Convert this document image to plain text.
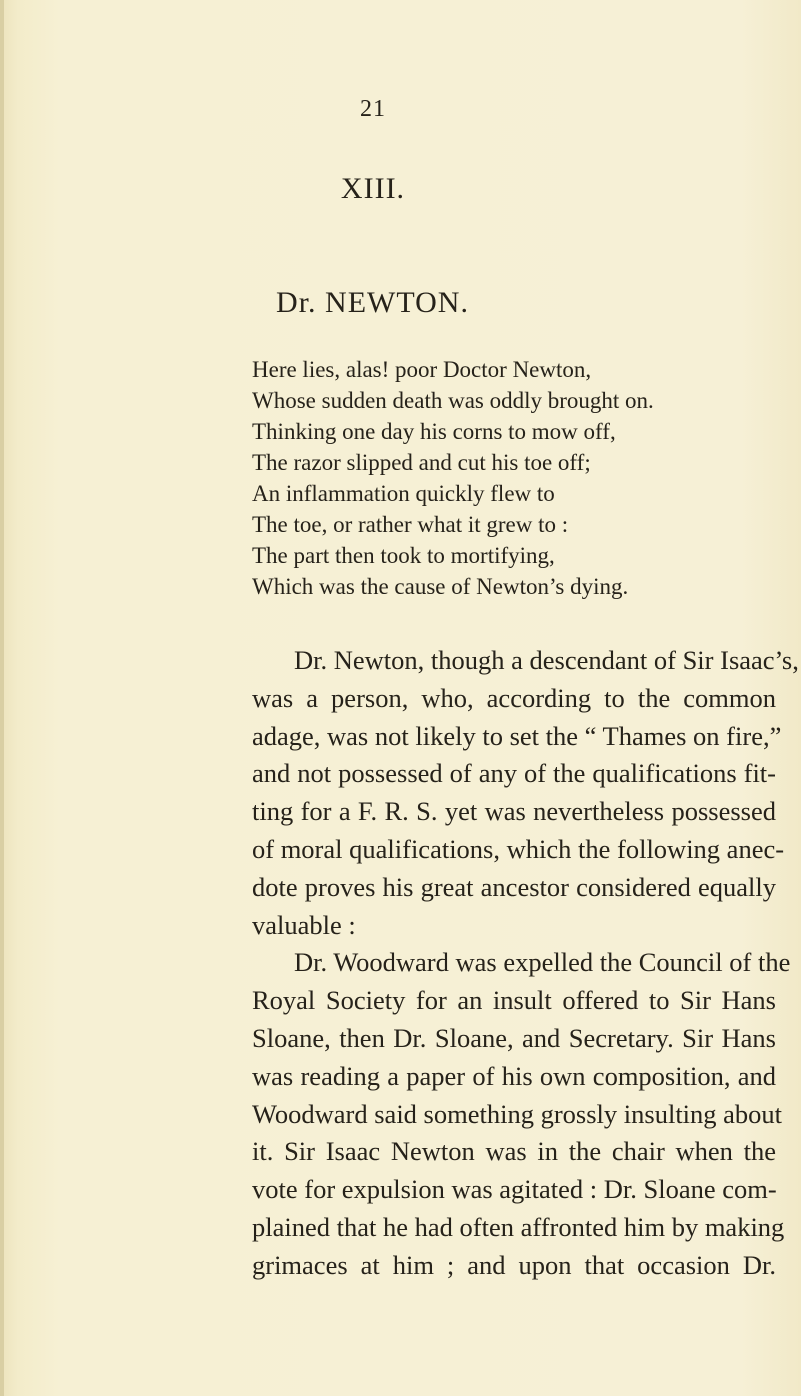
21
XIII.
Dr. NEWTON.
Here lies, alas! poor Doctor Newton,
Whose sudden death was oddly brought on.
Thinking one day his corns to mow off,
The razor slipped and cut his toe off;
An inflammation quickly flew to
The toe, or rather what it grew to :
The part then took to mortifying,
Which was the cause of Newton’s dying.
Dr. Newton, though a descendant of Sir Isaac’s,
was a person, who, according to the common
adage, was not likely to set the “ Thames on fire,”
and not possessed of any of the qualifications fit-
ting for a F. R. S. yet was nevertheless possessed
of moral qualifications, which the following anec-
dote proves his great ancestor considered equally
valuable :
Dr. Woodward was expelled the Council of the
Royal Society for an insult offered to Sir Hans
Sloane, then Dr. Sloane, and Secretary. Sir Hans
was reading a paper of his own composition, and
Woodward said something grossly insulting about
it. Sir Isaac Newton was in the chair when the
vote for expulsion was agitated : Dr. Sloane com-
plained that he had often affronted him by making
grimaces at him ; and upon that occasion Dr.
